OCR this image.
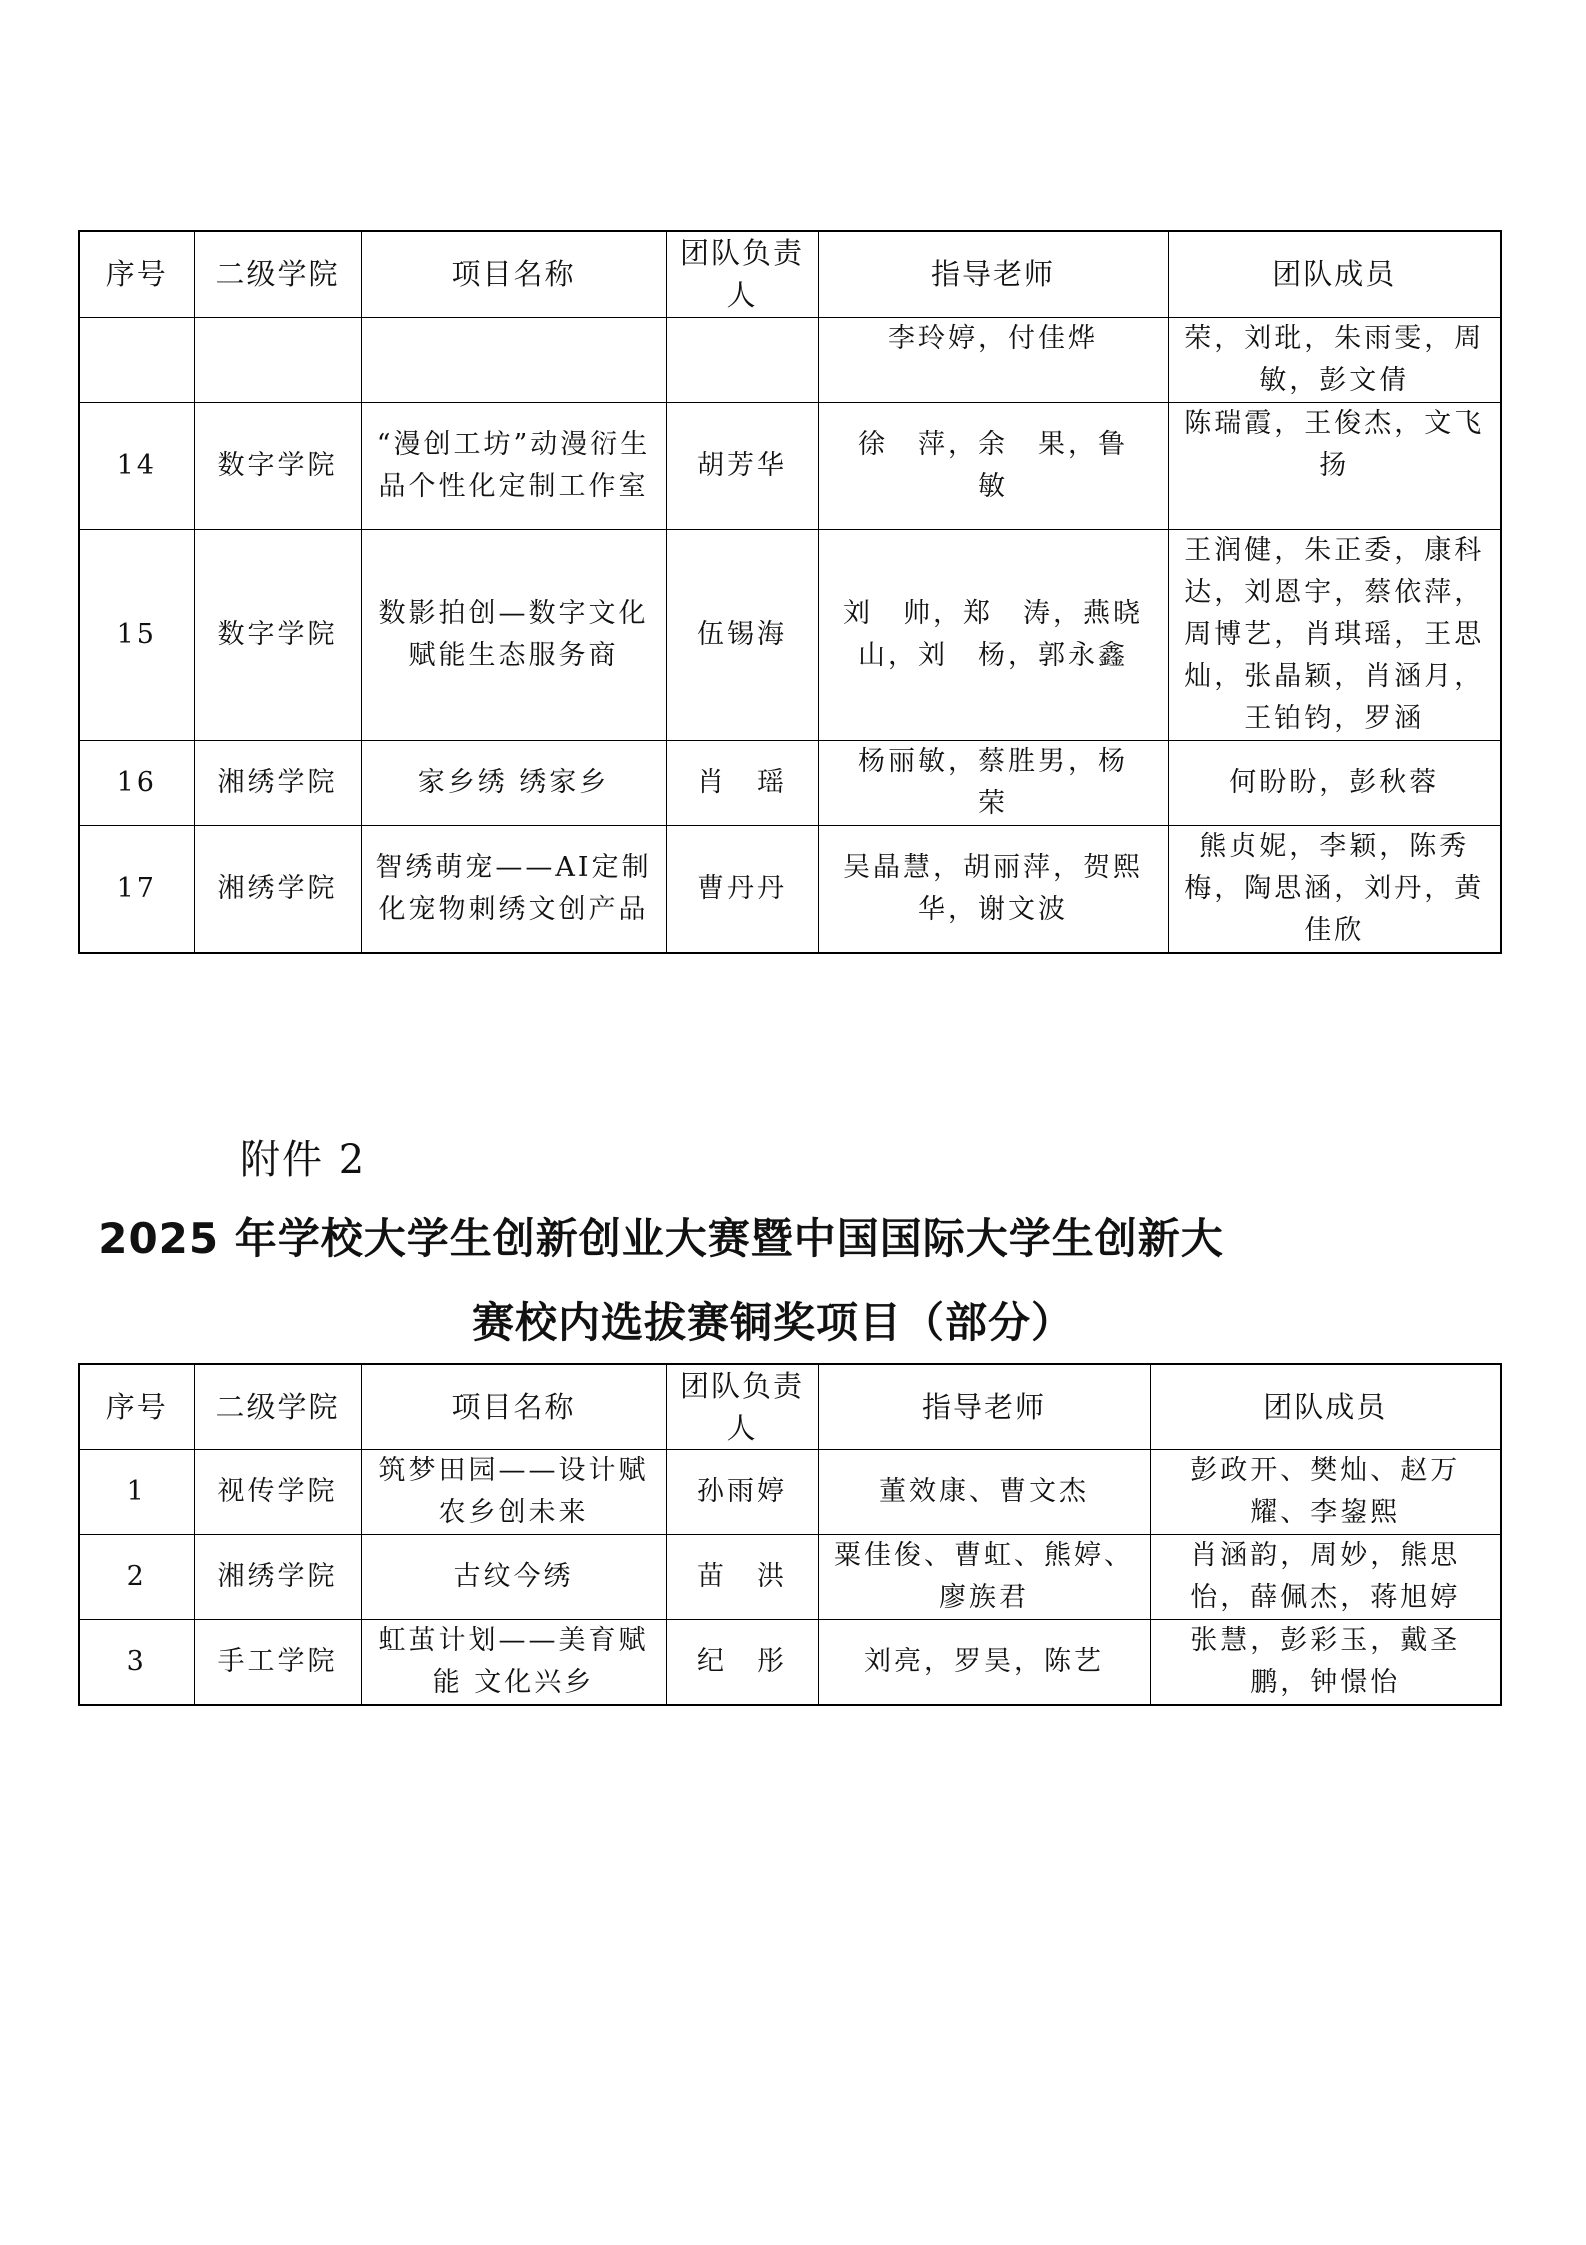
序号	二级学院	项目名称	团队负责人	指导老师	团队成员
				李玲婷，付佳烨	荣，刘玭，朱雨雯，周敏，彭文倩
14	数字学院	“漫创工坊”动漫衍生品个性化定制工作室	胡芳华	徐　萍，余　果，鲁　敏	陈瑞霞，王俊杰，文飞扬
15	数字学院	数影拍创—数字文化赋能生态服务商	伍锡海	刘　帅，郑　涛，燕晓山，刘　杨，郭永鑫	王润健，朱正委，康科达，刘恩宇，蔡依萍，周博艺，肖琪瑶，王思灿，张晶颖，肖涵月，王铂钧，罗涵
16	湘绣学院	家乡绣 绣家乡	肖　瑶	杨丽敏，蔡胜男，杨　荣	何盼盼，彭秋蓉
17	湘绣学院	智绣萌宠——AI定制化宠物刺绣文创产品	曹丹丹	吴晶慧，胡丽萍，贺熙华，谢文波	熊贞妮，李颖，陈秀梅，陶思涵，刘丹，黄佳欣
附件 2
2025 年学校大学生创新创业大赛暨中国国际大学生创新大
赛校内选拔赛铜奖项目（部分）
序号	二级学院	项目名称	团队负责人	指导老师	团队成员
1	视传学院	筑梦田园——设计赋农乡创未来	孙雨婷	董效康、曹文杰	彭政开、樊灿、赵万耀、李鋆熙
2	湘绣学院	古纹今绣	苗　洪	粟佳俊、曹虹、熊婷、廖族君	肖涵韵，周妙，熊思怡，薛佩杰，蒋旭婷
3	手工学院	虹茧计划——美育赋能 文化兴乡	纪　彤	刘亮，罗昊，陈艺	张慧，彭彩玉，戴圣鹏，钟憬怡
